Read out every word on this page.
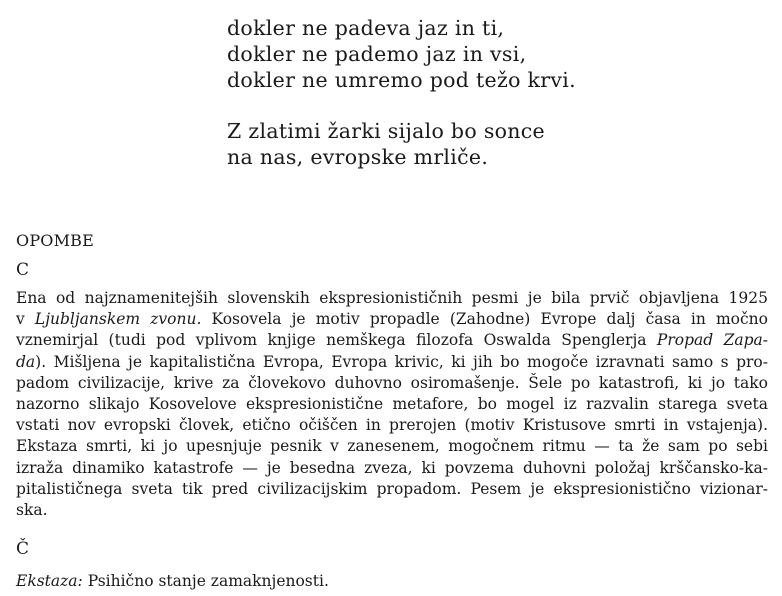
dokler ne padeva jaz in ti,
dokler ne pademo jaz in vsi,
dokler ne umremo pod težo krvi.

Z zlatimi žarki sijalo bo sonce
na nas, evropske mrliče.

OPOMBE
C
Ena od najznamenitejših slovenskih ekspresionističnih pesmi je bila prvič objavljena 1925
v Ljubljanskem zvonu. Kosovela je motiv propadle (Zahodne) Evrope dalj časa in močno
vznemirjal (tudi pod vplivom knjige nemškega filozofa Oswalda Spenglerja Propad Zapa-
da). Mišljena je kapitalistična Evropa, Evropa krivic, ki jih bo mogoče izravnati samo s pro-
padom civilizacije, krive za človekovo duhovno osiromašenje. Šele po katastrofi, ki jo tako
nazorno slikajo Kosovelove ekspresionistične metafore, bo mogel iz razvalin starega sveta
vstati nov evropski človek, etično očiščen in prerojen (motiv Kristusove smrti in vstajenja).
Ekstaza smrti, ki jo upesnjuje pesnik v zanesenem, mogočnem ritmu — ta že sam po sebi
izraža dinamiko katastrofe — je besedna zveza, ki povzema duhovni položaj krščansko-ka-
pitalističnega sveta tik pred civilizacijskim propadom. Pesem je ekspresionistično vizionar-
ska.
Č

Ekstaza: Psihično stanje zamaknjenosti.
